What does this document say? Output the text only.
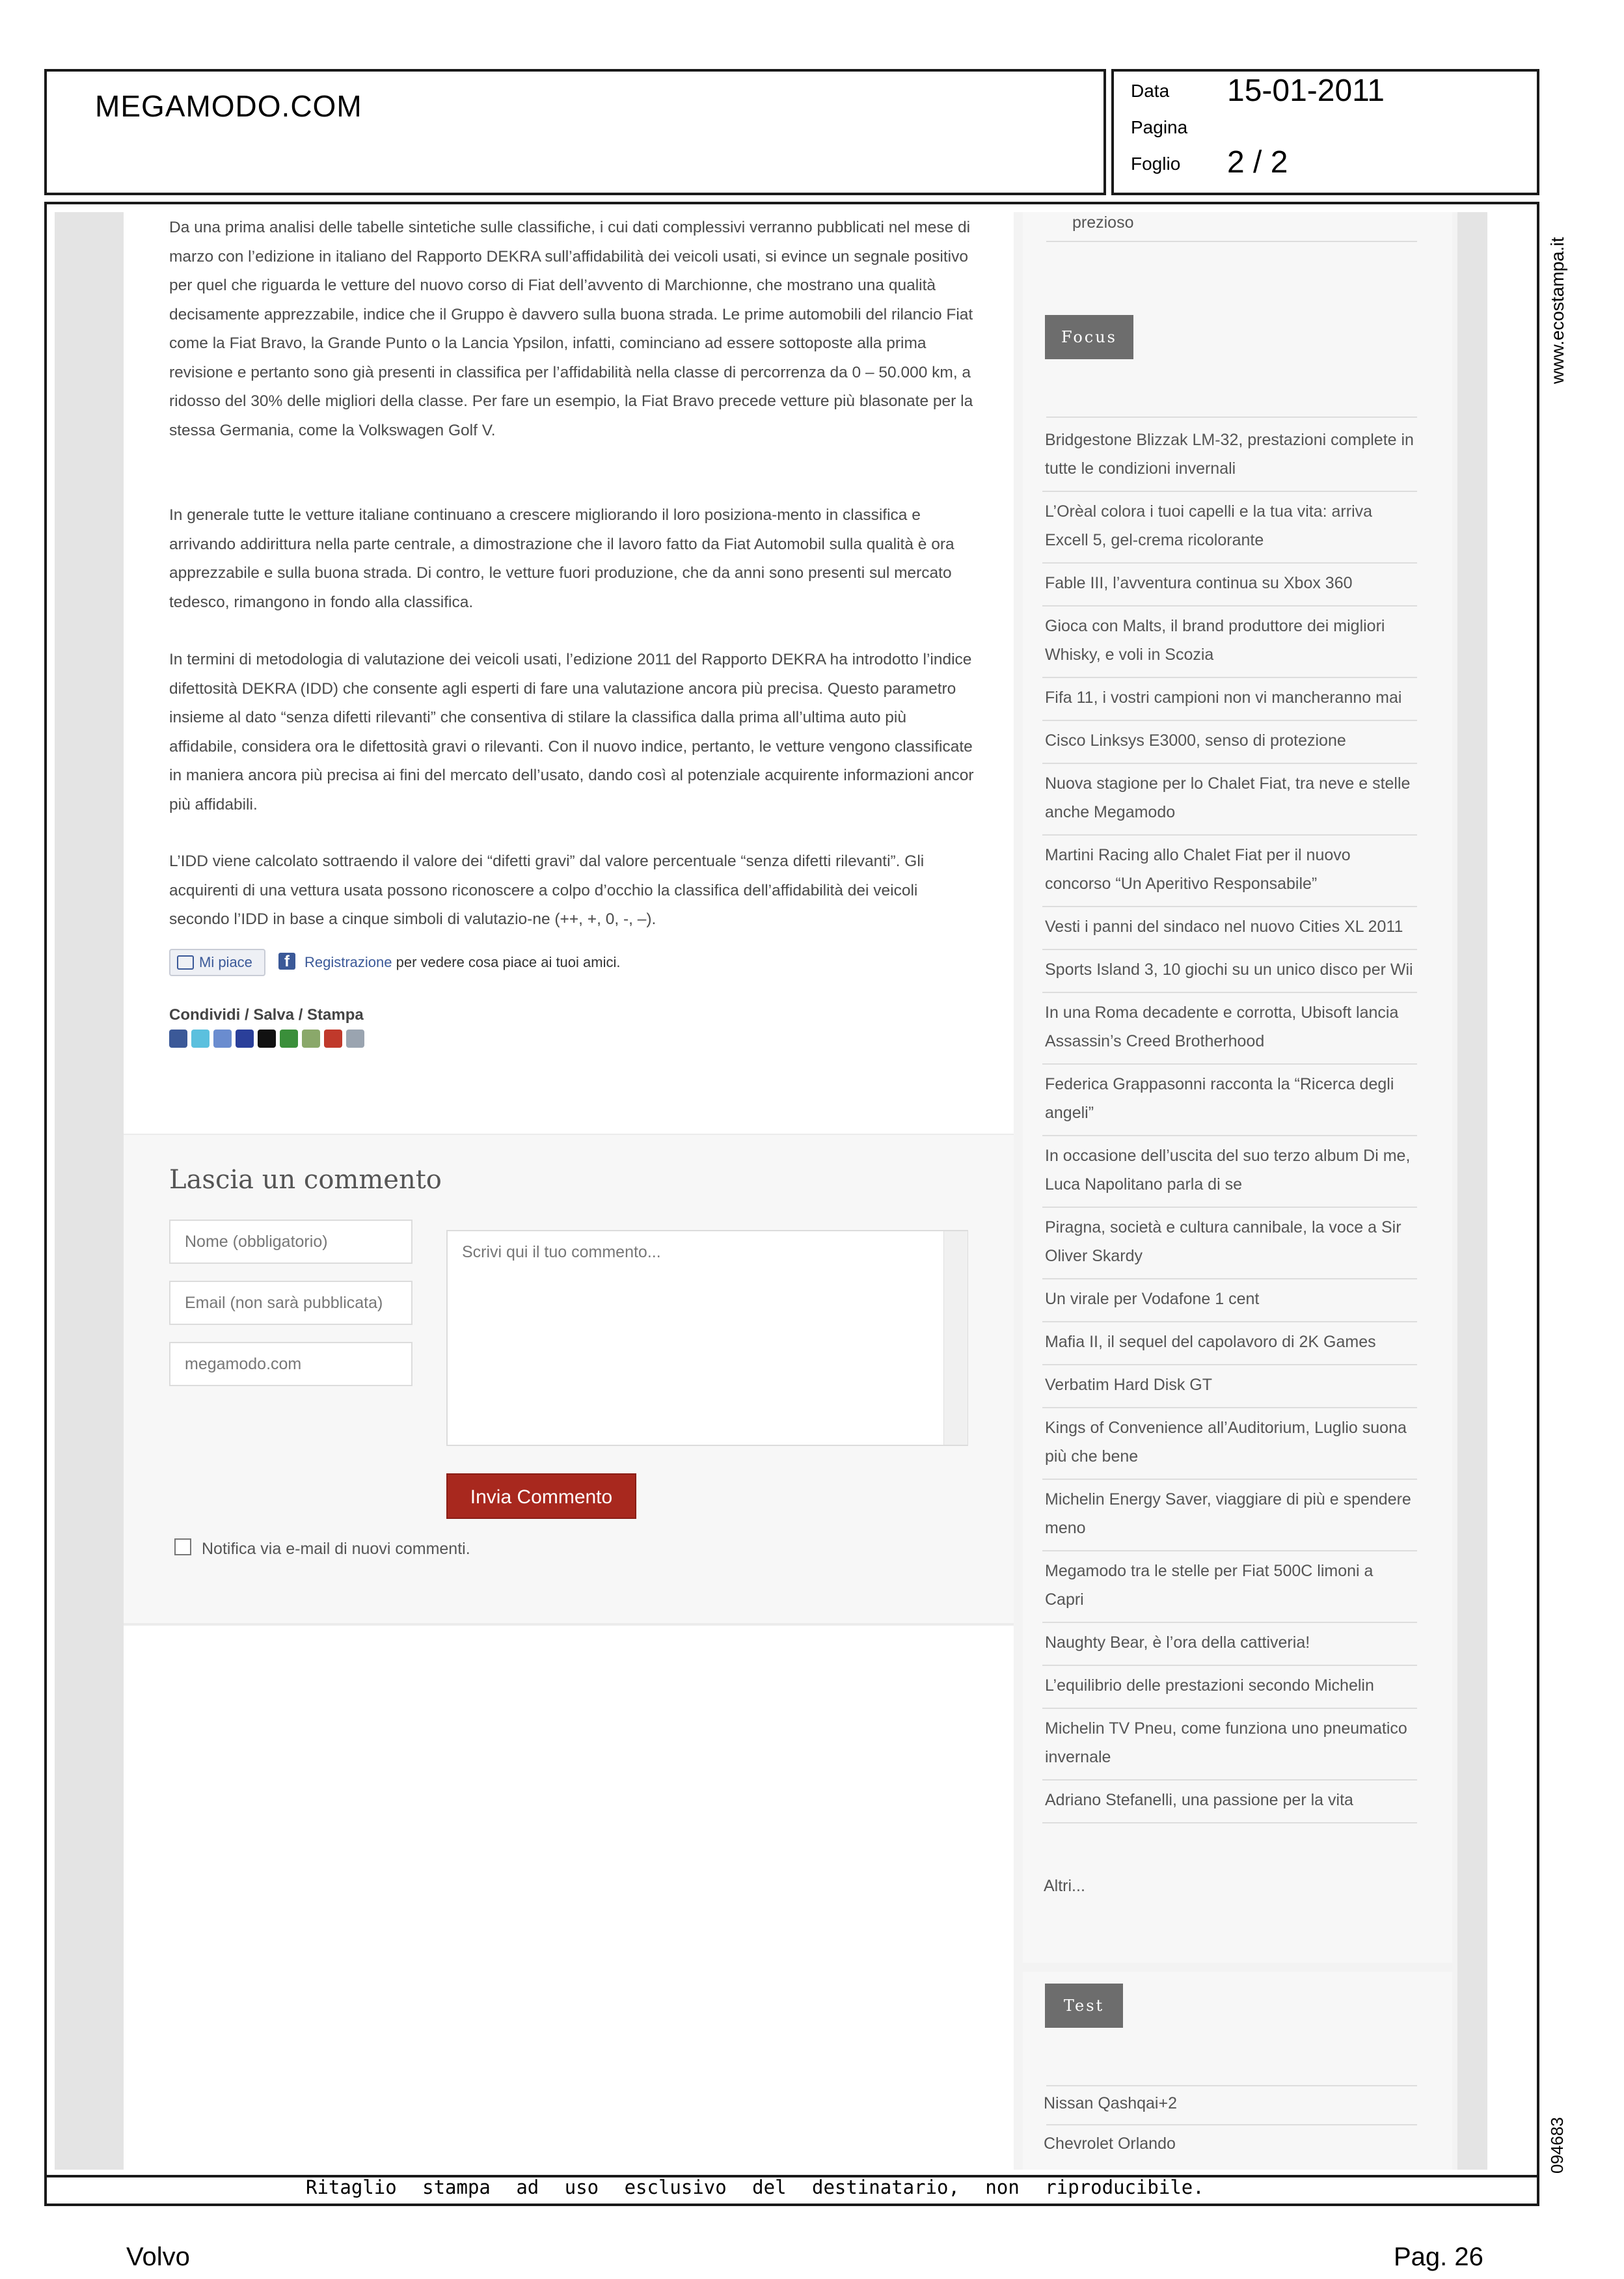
MEGAMODO.COM	Data 15-01-2011
Pagina
Foglio 2 / 2

Da una prima analisi delle tabelle sintetiche sulle classifiche, i cui dati complessivi verranno pubblicati nel mese di marzo con l’edizione in italiano del Rapporto DEKRA sull’affidabilità dei veicoli usati, si evince un segnale positivo per quel che riguarda le vetture del nuovo corso di Fiat dell’avvento di Marchionne, che mostrano una qualità decisamente apprezzabile, indice che il Gruppo è davvero sulla buona strada. Le prime automobili del rilancio Fiat come la Fiat Bravo, la Grande Punto o la Lancia Ypsilon, infatti, cominciano ad essere sottoposte alla prima revisione e pertanto sono già presenti in classifica per l’affidabilità nella classe di percorrenza da 0 – 50.000 km, a ridosso del 30% delle migliori della classe. Per fare un esempio, la Fiat Bravo precede vetture più blasonate per la stessa Germania, come la Volkswagen Golf V.

In generale tutte le vetture italiane continuano a crescere migliorando il loro posiziona-mento in classifica e arrivando addirittura nella parte centrale, a dimostrazione che il lavoro fatto da Fiat Automobil sulla qualità è ora apprezzabile e sulla buona strada. Di contro, le vetture fuori produzione, che da anni sono presenti sul mercato tedesco, rimangono in fondo alla classifica.

In termini di metodologia di valutazione dei veicoli usati, l’edizione 2011 del Rapporto DEKRA ha introdotto l’indice difettosità DEKRA (IDD) che consente agli esperti di fare una valutazione ancora più precisa. Questo parametro insieme al dato “senza difetti rilevanti” che consentiva di stilare la classifica dalla prima all’ultima auto più affidabile, considera ora le difettosità gravi o rilevanti. Con il nuovo indice, pertanto, le vetture vengono classificate in maniera ancora più precisa ai fini del mercato dell’usato, dando così al potenziale acquirente informazioni ancor più affidabili.

L’IDD viene calcolato sottraendo il valore dei “difetti gravi” dal valore percentuale “senza difetti rilevanti”. Gli acquirenti di una vettura usata possono riconoscere a colpo d’occhio la classifica dell’affidabilità dei veicoli secondo l’IDD in base a cinque simboli di valutazio-ne (++, +, 0, -, –).

Mi piace	f	Registrazione per vedere cosa piace ai tuoi amici.
Condividi / Salva / Stampa
Lascia un commento
Nome (obbligatorio)
Email (non sarà pubblicata)
megamodo.com
Scrivi qui il tuo commento...
Invia Commento
Notifica via e-mail di nuovi commenti.
prezioso
Focus
Bridgestone Blizzak LM-32, prestazioni complete in tutte le condizioni invernali
L’Orèal colora i tuoi capelli e la tua vita: arriva Excell 5, gel-crema ricolorante
Fable III, l’avventura continua su Xbox 360
Gioca con Malts, il brand produttore dei migliori Whisky, e voli in Scozia
Fifa 11, i vostri campioni non vi mancheranno mai
Cisco Linksys E3000, senso di protezione
Nuova stagione per lo Chalet Fiat, tra neve e stelle anche Megamodo
Martini Racing allo Chalet Fiat per il nuovo concorso “Un Aperitivo Responsabile”
Vesti i panni del sindaco nel nuovo Cities XL 2011
Sports Island 3, 10 giochi su un unico disco per Wii
In una Roma decadente e corrotta, Ubisoft lancia Assassin’s Creed Brotherhood
Federica Grappasonni racconta la “Ricerca degli angeli”
In occasione dell’uscita del suo terzo album Di me, Luca Napolitano parla di se
Piragna, società e cultura cannibale, la voce a Sir Oliver Skardy
Un virale per Vodafone 1 cent
Mafia II, il sequel del capolavoro di 2K Games
Verbatim Hard Disk GT
Kings of Convenience all’Auditorium, Luglio suona più che bene
Michelin Energy Saver, viaggiare di più e spendere meno
Megamodo tra le stelle per Fiat 500C limoni a Capri
Naughty Bear, è l’ora della cattiveria!
L’equilibrio delle prestazioni secondo Michelin
Michelin TV Pneu, come funziona uno pneumatico invernale
Adriano Stefanelli, una passione per la vita
Altri...
Test
Nissan Qashqai+2
Chevrolet Orlando
Ritaglio stampa ad uso esclusivo del destinatario, non riproducibile.
www.ecostampa.it
094683
Volvo	Pag. 26
